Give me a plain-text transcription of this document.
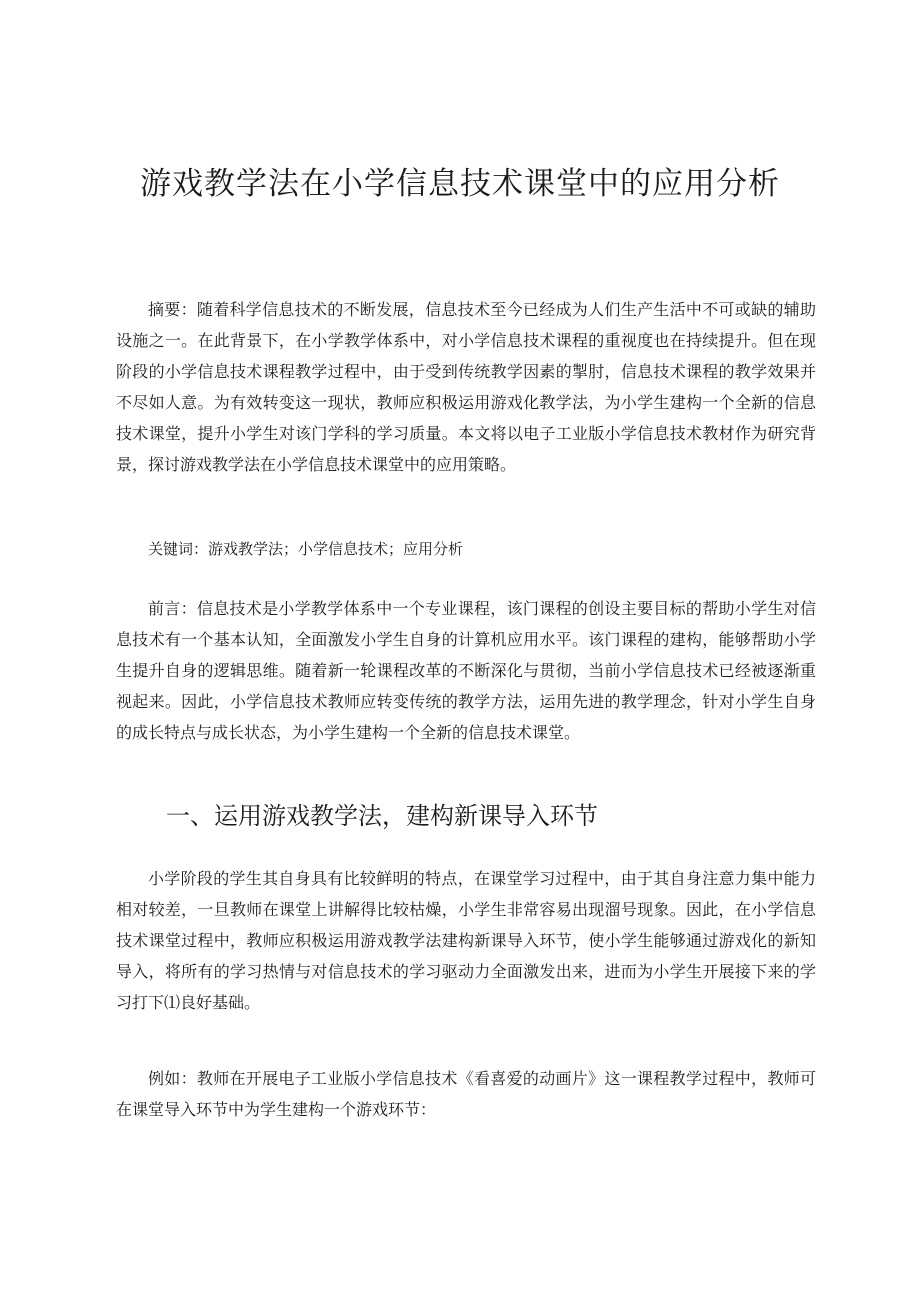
游戏教学法在小学信息技术课堂中的应用分析

摘要：随着科学信息技术的不断发展，信息技术至今已经成为人们生产生活中不可或缺的辅助设施之一。在此背景下，在小学教学体系中，对小学信息技术课程的重视度也在持续提升。但在现阶段的小学信息技术课程教学过程中，由于受到传统教学因素的掣肘，信息技术课程的教学效果并不尽如人意。为有效转变这一现状，教师应积极运用游戏化教学法，为小学生建构一个全新的信息技术课堂，提升小学生对该门学科的学习质量。本文将以电子工业版小学信息技术教材作为研究背景，探讨游戏教学法在小学信息技术课堂中的应用策略。

关键词：游戏教学法；小学信息技术；应用分析

前言：信息技术是小学教学体系中一个专业课程，该门课程的创设主要目标的帮助小学生对信息技术有一个基本认知，全面激发小学生自身的计算机应用水平。该门课程的建构，能够帮助小学生提升自身的逻辑思维。随着新一轮课程改革的不断深化与贯彻，当前小学信息技术已经被逐渐重视起来。因此，小学信息技术教师应转变传统的教学方法，运用先进的教学理念，针对小学生自身的成长特点与成长状态，为小学生建构一个全新的信息技术课堂。

一、运用游戏教学法，建构新课导入环节

小学阶段的学生其自身具有比较鲜明的特点，在课堂学习过程中，由于其自身注意力集中能力相对较差，一旦教师在课堂上讲解得比较枯燥，小学生非常容易出现溜号现象。因此，在小学信息技术课堂过程中，教师应积极运用游戏教学法建构新课导入环节，使小学生能够通过游戏化的新知导入，将所有的学习热情与对信息技术的学习驱动力全面激发出来，进而为小学生开展接下来的学习打下⑴良好基础。

例如：教师在开展电子工业版小学信息技术《看喜爱的动画片》这一课程教学过程中，教师可在课堂导入环节中为学生建构一个游戏环节：
